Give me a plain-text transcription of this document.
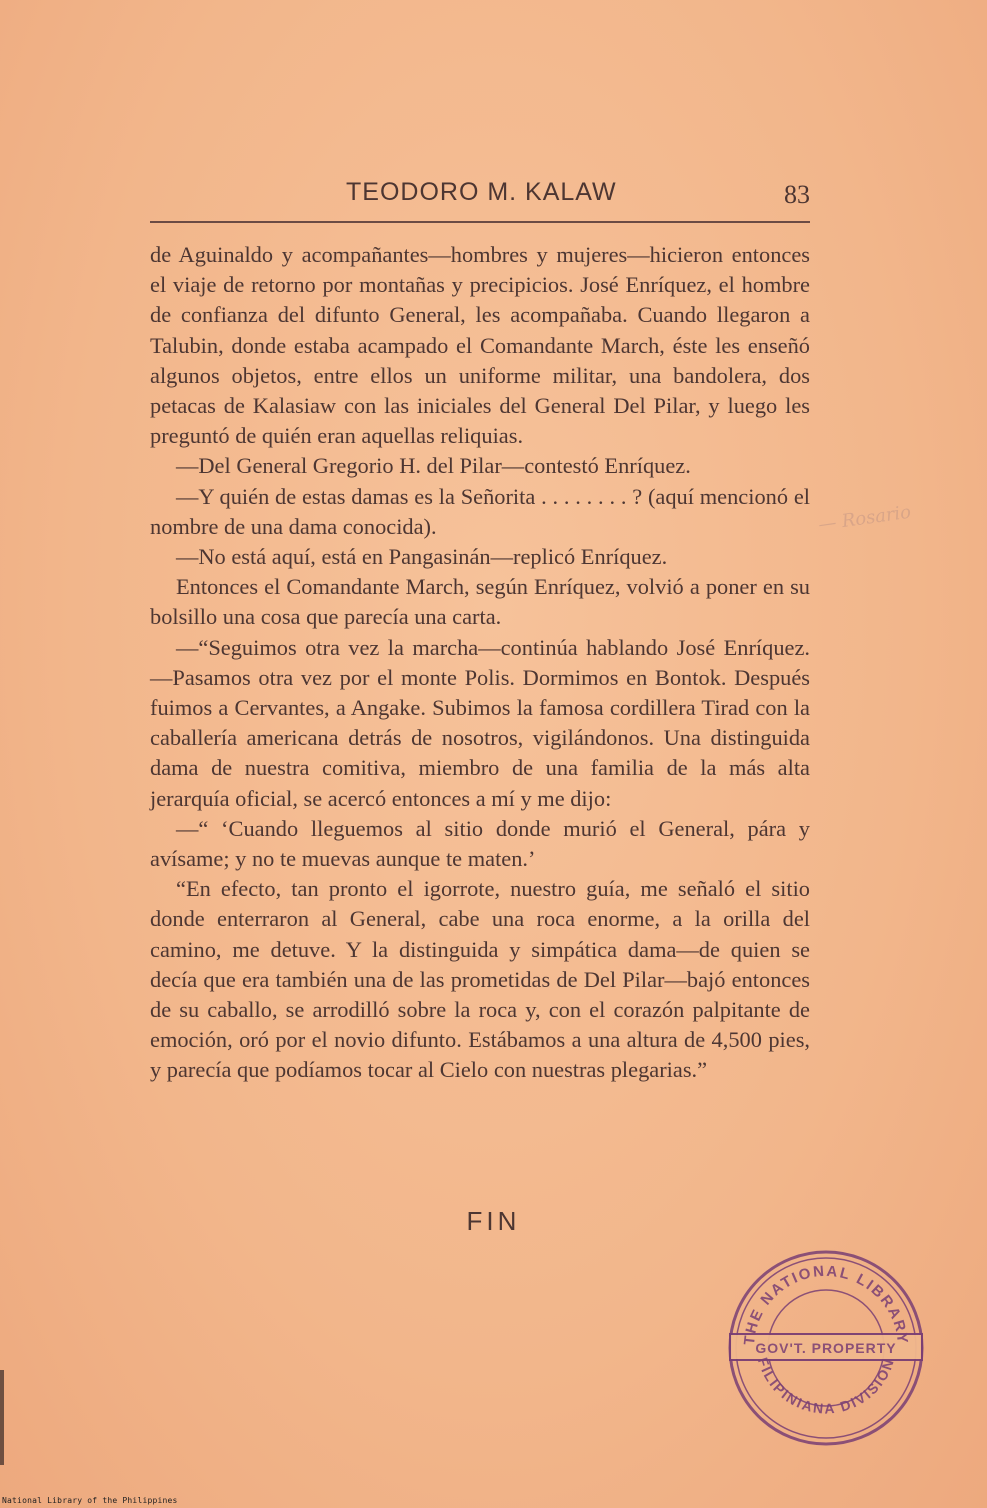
TEODORO M. KALAW	83

de Aguinaldo y acompañantes—hombres y mujeres—hicieron entonces el viaje de retorno por montañas y precipicios. José Enríquez, el hombre de confianza del difunto General, les acompañaba. Cuando llegaron a Talubin, donde estaba acampado el Comandante March, éste les enseñó algunos objetos, entre ellos un uniforme militar, una bandolera, dos petacas de Kalasiaw con las iniciales del General Del Pilar, y luego les preguntó de quién eran aquellas reliquias.

—Del General Gregorio H. del Pilar—contestó Enríquez.

—Y quién de estas damas es la Señorita . . . . . . . . ? (aquí mencionó el nombre de una dama conocida).

—No está aquí, está en Pangasinán—replicó Enríquez.

Entonces el Comandante March, según Enríquez, volvió a poner en su bolsillo una cosa que parecía una carta.

—“Seguimos otra vez la marcha—continúa hablando José Enríquez.—Pasamos otra vez por el monte Polis. Dormimos en Bontok. Después fuimos a Cervantes, a Angake. Subimos la famosa cordillera Tirad con la caballería americana detrás de nosotros, vigilándonos. Una distinguida dama de nuestra comitiva, miembro de una familia de la más alta jerarquía oficial, se acercó entonces a mí y me dijo:

—“ ‘Cuando lleguemos al sitio donde murió el General, pára y avísame; y no te muevas aunque te maten.’

“En efecto, tan pronto el igorrote, nuestro guía, me señaló el sitio donde enterraron al General, cabe una roca enorme, a la orilla del camino, me detuve. Y la distinguida y simpática dama—de quien se decía que era también una de las prometidas de Del Pilar—bajó entonces de su caballo, se arrodilló sobre la roca y, con el corazón palpitante de emoción, oró por el novio difunto. Estábamos a una altura de 4,500 pies, y parecía que podíamos tocar al Cielo con nuestras plegarias.”

FIN
— Rosario
THE NATIONAL LIBRARY
GOV'T. PROPERTY
FILIPINIANA DIVISION
National Library of the Philippines
